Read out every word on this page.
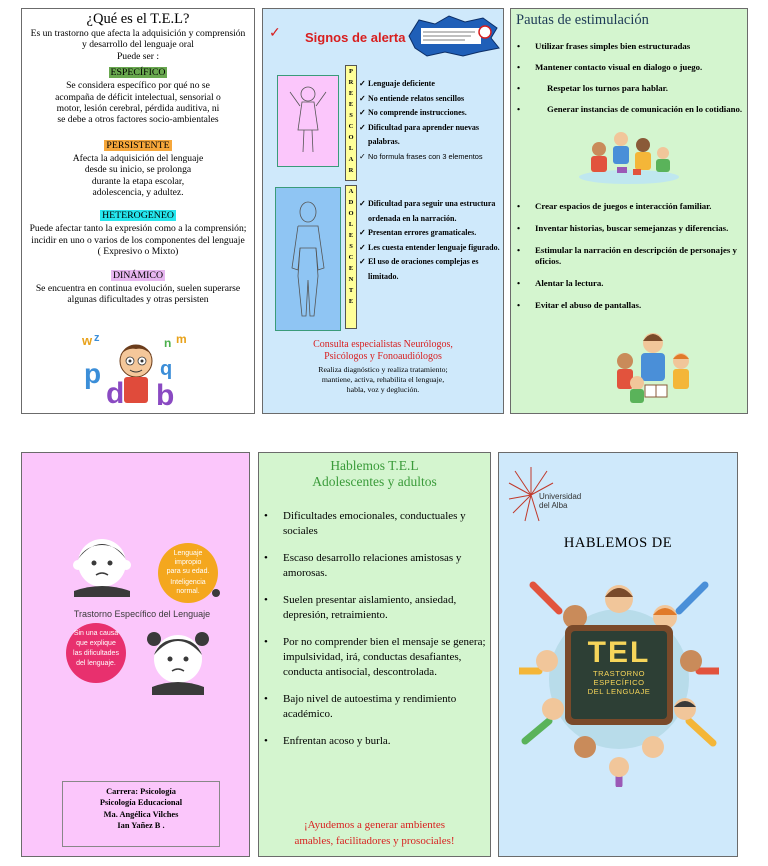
¿Qué es el T.E.L?
Es un trastorno que afecta la adquisición y comprensión
y desarrollo del lenguaje oral
Puede ser :
ESPECÍFICO
Se considera específico por qué no se
acompaña de déficit intelectual, sensorial o
motor, lesión cerebral, pérdida auditiva, ni
se debe a otros factores socio-ambientales
PERSISTENTE
Afecta la adquisición del lenguaje
desde su inicio, se prolonga
durante la etapa escolar,
adolescencia, y adultez.
HETEROGENEO
Puede afectar tanto la expresión como a la comprensión;
incidir en uno o varios de los componentes del lenguaje
( Expresivo o Mixto)
DINÁMICO
Se encuentra en continua evolución, suelen superarse
algunas dificultades y otras persisten
w z	n m
p
d b
q
✓ Signos de alerta
P
R
E
E
S
C
O
L
A
R
A
D
O
L
E
S
C
E
N
T
E
✓ Lenguaje deficiente
✓ No entiende relatos sencillos
✓ No comprende instrucciones.
✓ Dificultad para aprender nuevas palabras.
✓ No formula frases con 3 elementos
✓ Dificultad para seguir una estructura ordenada en la narración.
✓ Presentan errores gramaticales.
✓ Les cuesta entender lenguaje figurado.
✓ El uso de oraciones complejas es limitado.
Consulta especialistas Neurólogos,
Psicólogos y Fonoaudiólogos
Realiza diagnóstico y realiza tratamiento;
mantiene, activa, rehabilita el lenguaje,
habla, voz y deglución.
Pautas de estimulación
• Utilizar frases simples bien estructuradas
• Mantener contacto visual en dialogo o juego.
• Respetar los turnos para hablar.
• Generar instancias de comunicación en lo cotidiano.
• Crear espacios de juegos e interacción familiar.
• Inventar historias, buscar semejanzas y diferencias.
• Estimular la narración en descripción de personajes y oficios.
• Alentar la lectura.
• Evitar el abuso de pantallas.
Lenguaje
impropio
para su edad.
Inteligencia
normal.
Trastorno Específico del Lenguaje
Sin una causa
que explique
las dificultades
del lenguaje.
Carrera: Psicología
Psicología Educacional
Ma. Angélica Vilches
Ian Yañez B .
Hablemos T.E.L
Adolescentes y adultos
• Dificultades emocionales, conductuales y sociales
• Escaso desarrollo relaciones amistosas y amorosas.
• Suelen presentar aislamiento, ansiedad, depresión, retraimiento.
• Por no comprender bien el mensaje se genera; impulsividad, irá, conductas desafiantes, conducta antisocial, descontrolada.
• Bajo nivel de autoestima y rendimiento académico.
• Enfrentan acoso y burla.
¡Ayudemos a generar ambientes
amables, facilitadores y prosociales!
Universidad
del Alba
HABLEMOS DE
TEL
TRASTORNO
ESPECÍFICO
DEL LENGUAJE
